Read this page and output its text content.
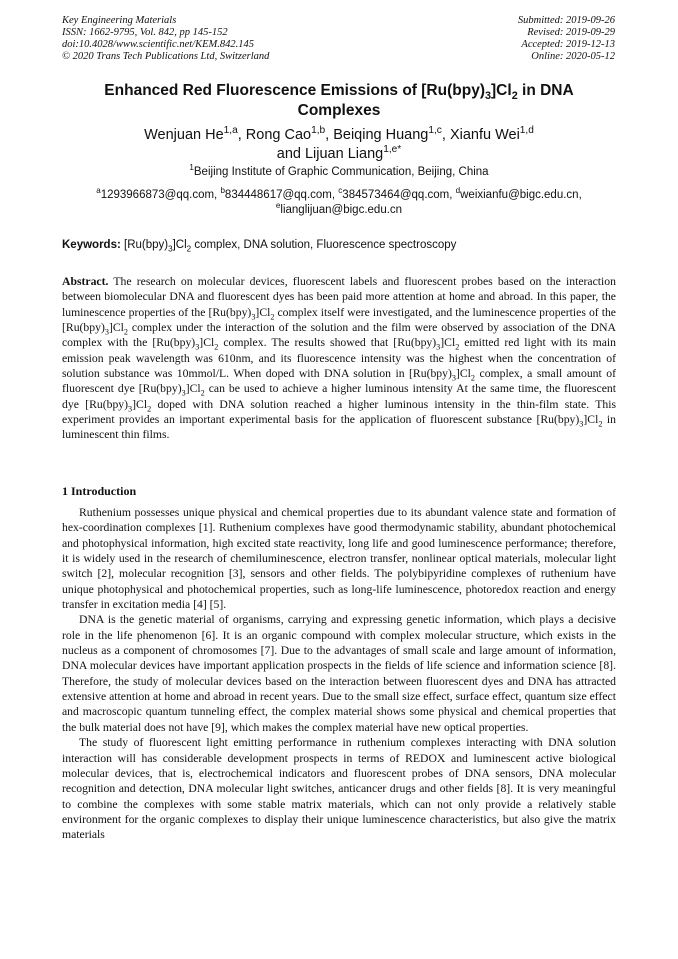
Key Engineering Materials
ISSN: 1662-9795, Vol. 842, pp 145-152
doi:10.4028/www.scientific.net/KEM.842.145
© 2020 Trans Tech Publications Ltd, Switzerland
Submitted: 2019-09-26
Revised: 2019-09-29
Accepted: 2019-12-13
Online: 2020-05-12
Enhanced Red Fluorescence Emissions of $[Ru(bpy)_3]Cl_2$ in DNA Complexes
Wenjuan He$^{1,a}$, Rong Cao$^{1,b}$, Beiqing Huang$^{1,c}$, Xianfu Wei$^{1,d}$
and Lijuan Liang$^{1,e*}$
$^1$Beijing Institute of Graphic Communication, Beijing, China
$^a$1293966873@qq.com, $^b$834448617@qq.com, $^c$384573464@qq.com, $^d$weixianfu@bigc.edu.cn,
$^e$lianglijuan@bigc.edu.cn
Keywords: $[Ru(bpy)_3]Cl_2$ complex, DNA solution, Fluorescence spectroscopy
Abstract. The research on molecular devices, fluorescent labels and fluorescent probes based on the interaction between biomolecular DNA and fluorescent dyes has been paid more attention at home and abroad. In this paper, the luminescence properties of the $[Ru(bpy)_3]Cl_2$ complex itself were investigated, and the luminescence properties of the $[Ru(bpy)_3]Cl_2$ complex under the interaction of the solution and the film were observed by association of the DNA complex with the $[Ru(bpy)_3]Cl_2$ complex. The results showed that $[Ru(bpy)_3]Cl_2$ emitted red light with its main emission peak wavelength was 610nm, and its fluorescence intensity was the highest when the concentration of solution substance was 10mmol/L. When doped with DNA solution in $[Ru(bpy)_3]Cl_2$ complex, a small amount of fluorescent dye $[Ru(bpy)_3]Cl_2$ can be used to achieve a higher luminous intensity At the same time, the fluorescent dye $[Ru(bpy)_3]Cl_2$ doped with DNA solution reached a higher luminous intensity in the thin-film state. This experiment provides an important experimental basis for the application of fluorescent substance $[Ru(bpy)_3]Cl_2$ in luminescent thin films.
1 Introduction

Ruthenium possesses unique physical and chemical properties due to its abundant valence state and formation of hex-coordination complexes [1]. Ruthenium complexes have good thermodynamic stability, abundant photochemical and photophysical information, high excited state reactivity, long life and good luminescence performance; therefore, it is widely used in the research of chemiluminescence, electron transfer, nonlinear optical materials, molecular light switch [2], molecular recognition [3], sensors and other fields. The polybipyridine complexes of ruthenium have unique photophysical and photochemical properties, such as long-life luminescence, photoredox reaction and energy transfer in excitation media [4] [5].

DNA is the genetic material of organisms, carrying and expressing genetic information, which plays a decisive role in the life phenomenon [6]. It is an organic compound with complex molecular structure, which exists in the nucleus as a component of chromosomes [7]. Due to the advantages of small scale and large amount of information, DNA molecular devices have important application prospects in the fields of life science and information science [8]. Therefore, the study of molecular devices based on the interaction between fluorescent dyes and DNA has attracted extensive attention at home and abroad in recent years. Due to the small size effect, surface effect, quantum size effect and macroscopic quantum tunneling effect, the complex material shows some physical and chemical properties that the bulk material does not have [9], which makes the complex material have new optical properties.

The study of fluorescent light emitting performance in ruthenium complexes interacting with DNA solution interaction will has considerable development prospects in terms of REDOX and luminescent active biological molecular devices, that is, electrochemical indicators and fluorescent probes of DNA sensors, DNA molecular recognition and detection, DNA molecular light switches, anticancer drugs and other fields [8]. It is very meaningful to combine the complexes with some stable matrix materials, which can not only provide a relatively stable environment for the organic complexes to display their unique luminescence characteristics, but also give the matrix materials
